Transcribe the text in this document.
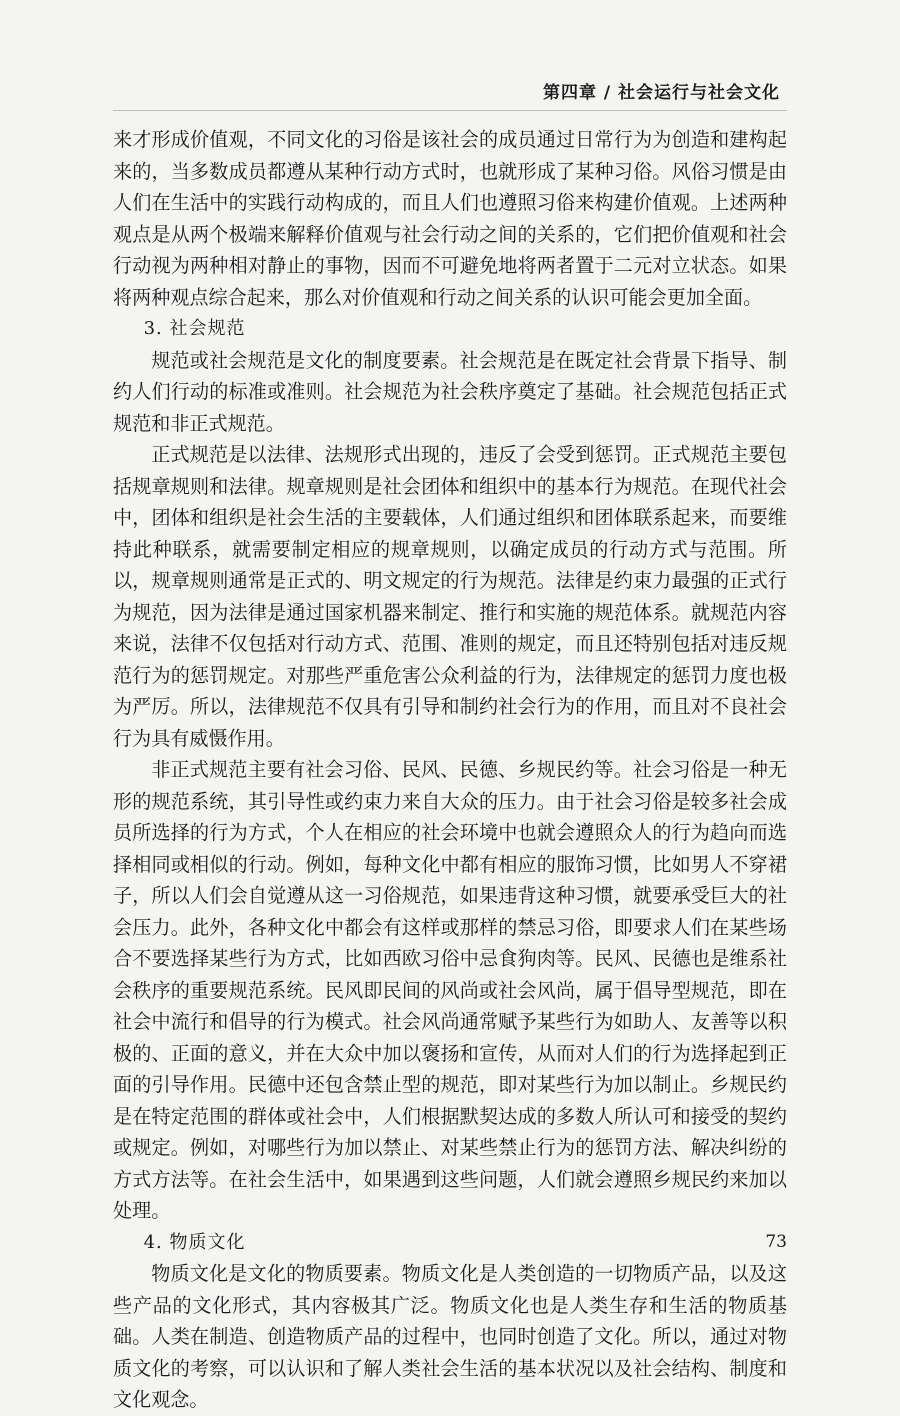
第四章 / 社会运行与社会文化

来才形成价值观，不同文化的习俗是该社会的成员通过日常行为为创造和建构起来的，当多数成员都遵从某种行动方式时，也就形成了某种习俗。风俗习惯是由人们在生活中的实践行动构成的，而且人们也遵照习俗来构建价值观。上述两种观点是从两个极端来解释价值观与社会行动之间的关系的，它们把价值观和社会行动视为两种相对静止的事物，因而不可避免地将两者置于二元对立状态。如果将两种观点综合起来，那么对价值观和行动之间关系的认识可能会更加全面。

3. 社会规范

规范或社会规范是文化的制度要素。社会规范是在既定社会背景下指导、制约人们行动的标准或准则。社会规范为社会秩序奠定了基础。社会规范包括正式规范和非正式规范。

正式规范是以法律、法规形式出现的，违反了会受到惩罚。正式规范主要包括规章规则和法律。规章规则是社会团体和组织中的基本行为规范。在现代社会中，团体和组织是社会生活的主要载体，人们通过组织和团体联系起来，而要维持此种联系，就需要制定相应的规章规则，以确定成员的行动方式与范围。所以，规章规则通常是正式的、明文规定的行为规范。法律是约束力最强的正式行为规范，因为法律是通过国家机器来制定、推行和实施的规范体系。就规范内容来说，法律不仅包括对行动方式、范围、准则的规定，而且还特别包括对违反规范行为的惩罚规定。对那些严重危害公众利益的行为，法律规定的惩罚力度也极为严厉。所以，法律规范不仅具有引导和制约社会行为的作用，而且对不良社会行为具有威慑作用。

非正式规范主要有社会习俗、民风、民德、乡规民约等。社会习俗是一种无形的规范系统，其引导性或约束力来自大众的压力。由于社会习俗是较多社会成员所选择的行为方式，个人在相应的社会环境中也就会遵照众人的行为趋向而选择相同或相似的行动。例如，每种文化中都有相应的服饰习惯，比如男人不穿裙子，所以人们会自觉遵从这一习俗规范，如果违背这种习惯，就要承受巨大的社会压力。此外，各种文化中都会有这样或那样的禁忌习俗，即要求人们在某些场合不要选择某些行为方式，比如西欧习俗中忌食狗肉等。民风、民德也是维系社会秩序的重要规范系统。民风即民间的风尚或社会风尚，属于倡导型规范，即在社会中流行和倡导的行为模式。社会风尚通常赋予某些行为如助人、友善等以积极的、正面的意义，并在大众中加以褒扬和宣传，从而对人们的行为选择起到正面的引导作用。民德中还包含禁止型的规范，即对某些行为加以制止。乡规民约是在特定范围的群体或社会中，人们根据默契达成的多数人所认可和接受的契约或规定。例如，对哪些行为加以禁止、对某些禁止行为的惩罚方法、解决纠纷的方式方法等。在社会生活中，如果遇到这些问题，人们就会遵照乡规民约来加以处理。

4. 物质文化

物质文化是文化的物质要素。物质文化是人类创造的一切物质产品，以及这些产品的文化形式，其内容极其广泛。物质文化也是人类生存和生活的物质基础。人类在制造、创造物质产品的过程中，也同时创造了文化。所以，通过对物质文化的考察，可以认识和了解人类社会生活的基本状况以及社会结构、制度和文化观念。

73
